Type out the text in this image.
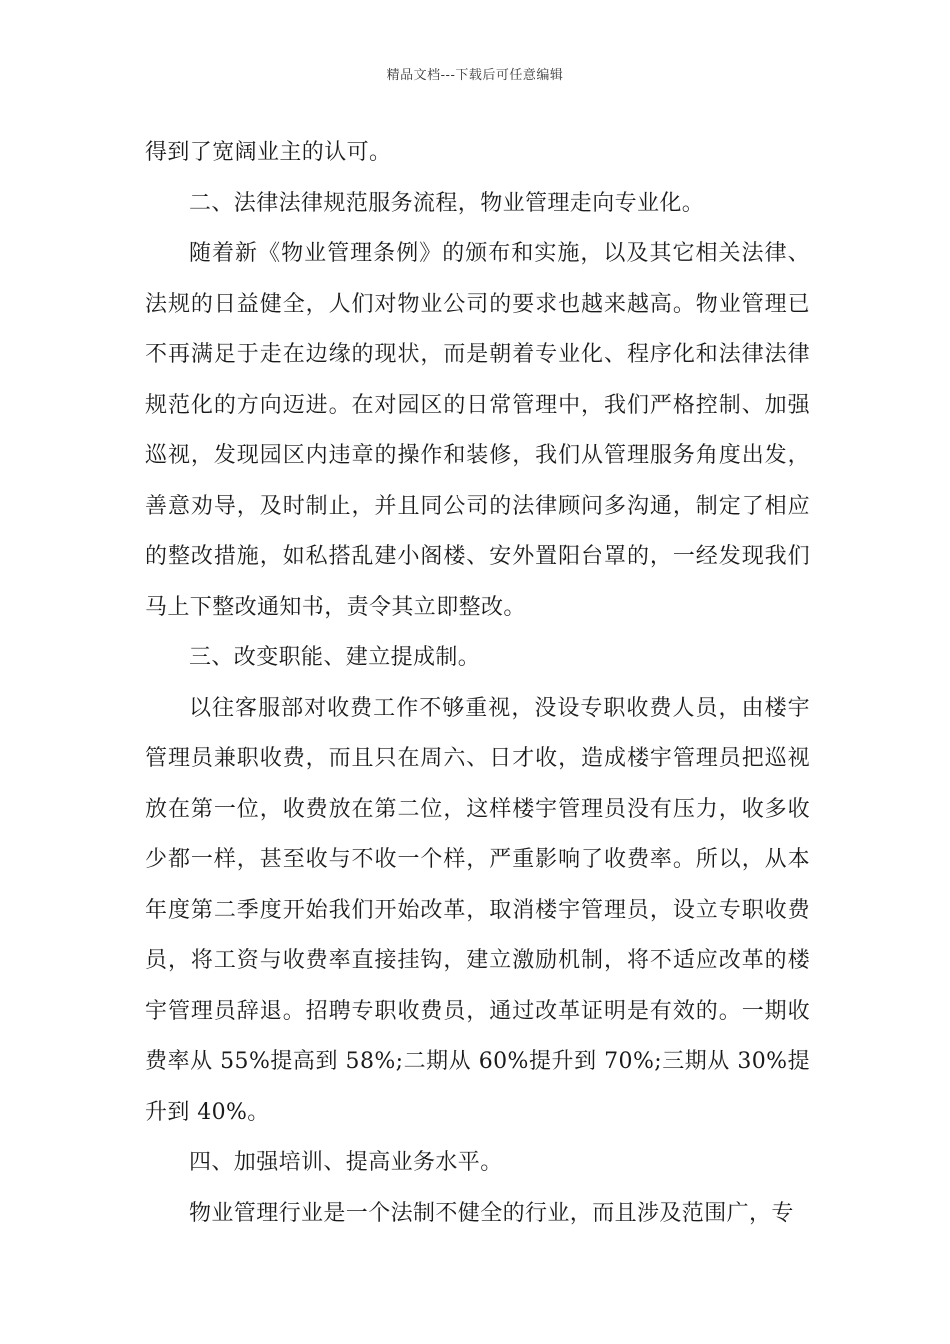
精品文档---下载后可任意编辑

得到了宽阔业主的认可。

二、法律法律规范服务流程，物业管理走向专业化。

随着新《物业管理条例》的颁布和实施，以及其它相关法律、法规的日益健全，人们对物业公司的要求也越来越高。物业管理已不再满足于走在边缘的现状，而是朝着专业化、程序化和法律法律规范化的方向迈进。在对园区的日常管理中，我们严格控制、加强巡视，发现园区内违章的操作和装修，我们从管理服务角度出发，善意劝导，及时制止，并且同公司的法律顾问多沟通，制定了相应的整改措施，如私搭乱建小阁楼、安外置阳台罩的，一经发现我们马上下整改通知书，责令其立即整改。

三、改变职能、建立提成制。

以往客服部对收费工作不够重视，没设专职收费人员，由楼宇管理员兼职收费，而且只在周六、日才收，造成楼宇管理员把巡视放在第一位，收费放在第二位，这样楼宇管理员没有压力，收多收少都一样，甚至收与不收一个样，严重影响了收费率。所以，从本年度第二季度开始我们开始改革，取消楼宇管理员，设立专职收费员，将工资与收费率直接挂钩，建立激励机制，将不适应改革的楼宇管理员辞退。招聘专职收费员，通过改革证明是有效的。一期收费率从 55%提高到 58%;二期从 60%提升到 70%;三期从 30%提升到 40%。

四、加强培训、提高业务水平。

物业管理行业是一个法制不健全的行业，而且涉及范围广，专
